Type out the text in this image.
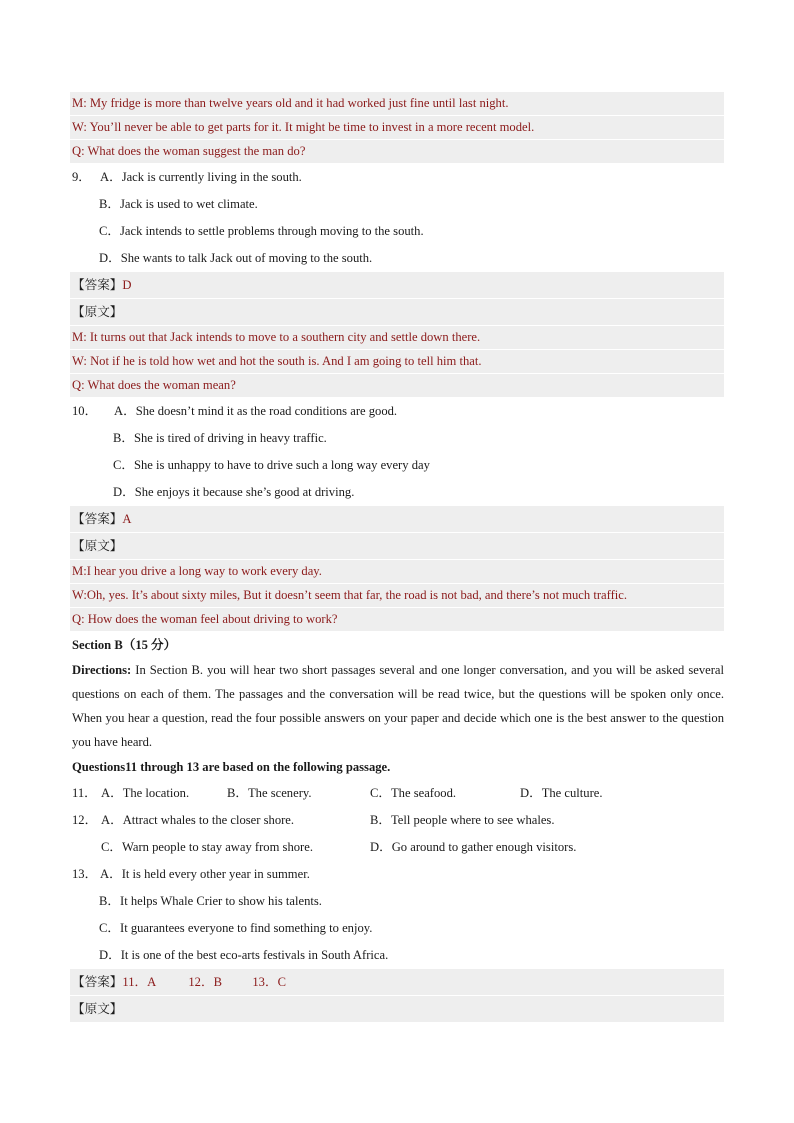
M: My fridge is more than twelve years old and it had worked just fine until last night.
W: You’ll never be able to get parts for it. It might be time to invest in a more recent model.
Q: What does the woman suggest the man do?
9． A．Jack is currently living in the south.
B．Jack is used to wet climate.
C．Jack intends to settle problems through moving to the south.
D．She wants to talk Jack out of moving to the south.
【答案】D
【原文】
M: It turns out that Jack intends to move to a southern city and settle down there.
W: Not if he is told how wet and hot the south is. And I am going to tell him that.
Q: What does the woman mean?
10． A．She doesn’t mind it as the road conditions are good.
B．She is tired of driving in heavy traffic.
C．She is unhappy to have to drive such a long way every day
D．She enjoys it because she’s good at driving.
【答案】A
【原文】
M:I hear you drive a long way to work every day.
W:Oh, yes. It’s about sixty miles, But it doesn’t seem that far, the road is not bad, and there’s not much traffic.
Q: How does the woman feel about driving to work?
Section B（15 分）
Directions: In Section B. you will hear two short passages several and one longer conversation, and you will be asked several questions on each of them. The passages and the conversation will be read twice, but the questions will be spoken only once. When you hear a question, read the four possible answers on your paper and decide which one is the best answer to the question you have heard.
Questions11 through 13 are based on the following passage.
11． A．The location.	B．The scenery.	C．The seafood.	D．The culture.
12． A．Attract whales to the closer shore.	B．Tell people where to see whales.
C．Warn people to stay away from shore.	D．Go around to gather enough visitors.
13． A．It is held every other year in summer.
B．It helps Whale Crier to show his talents.
C．It guarantees everyone to find something to enjoy.
D．It is one of the best eco-arts festivals in South Africa.
【答案】11．A	12．B 13．C
【原文】
